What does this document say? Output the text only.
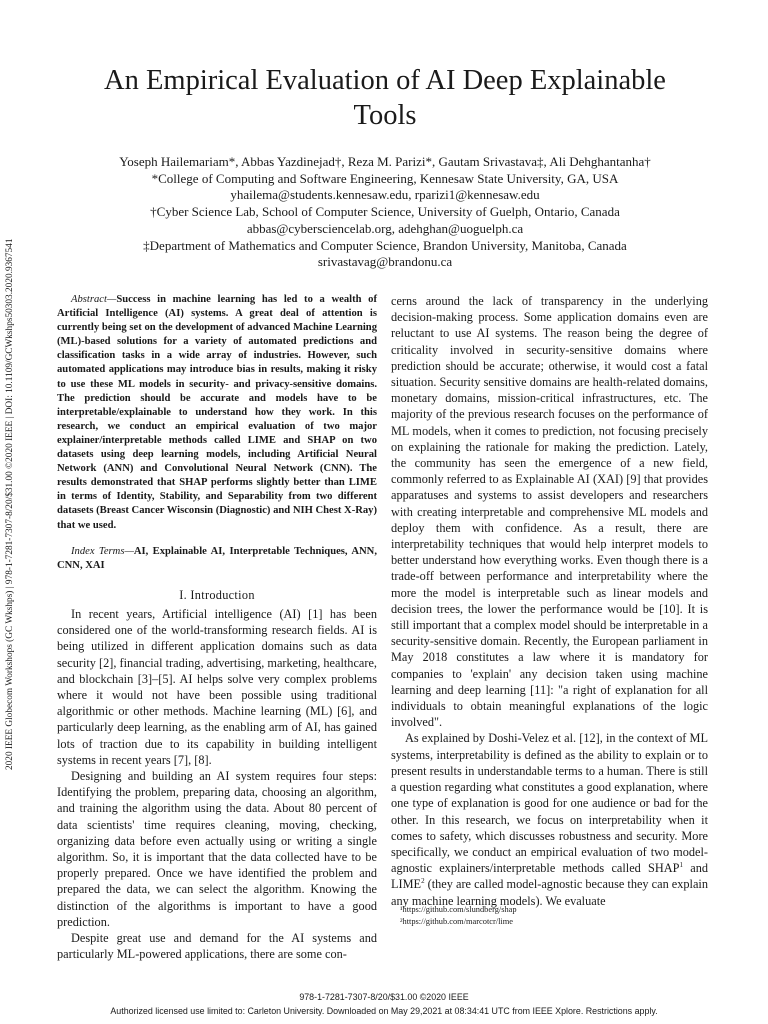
2020 IEEE Globecom Workshops (GC Wkshps) | 978-1-7281-7307-8/20/$31.00 ©2020 IEEE | DOI: 10.1109/GCWkshps50303.2020.9367541
An Empirical Evaluation of AI Deep Explainable
Tools
Yoseph Hailemariam*, Abbas Yazdinejad†, Reza M. Parizi*, Gautam Srivastava‡, Ali Dehghantanha†
*College of Computing and Software Engineering, Kennesaw State University, GA, USA
yhailema@students.kennesaw.edu, rparizi1@kennesaw.edu
†Cyber Science Lab, School of Computer Science, University of Guelph, Ontario, Canada
abbas@cybersciencelab.org, adehghan@uoguelph.ca
‡Department of Mathematics and Computer Science, Brandon University, Manitoba, Canada
srivastavag@brandonu.ca

Abstract—Success in machine learning has led to a wealth of Artificial Intelligence (AI) systems. A great deal of attention is currently being set on the development of advanced Machine Learning (ML)-based solutions for a variety of automated predictions and classification tasks in a wide array of industries. However, such automated applications may introduce bias in results, making it risky to use these ML models in security- and privacy-sensitive domains. The prediction should be accurate and models have to be interpretable/explainable to understand how they work. In this research, we conduct an empirical evaluation of two major explainer/interpretable methods called LIME and SHAP on two datasets using deep learning models, including Artificial Neural Network (ANN) and Convolutional Neural Network (CNN). The results demonstrated that SHAP performs slightly better than LIME in terms of Identity, Stability, and Separability from two different datasets (Breast Cancer Wisconsin (Diagnostic) and NIH Chest X-Ray) that we used.

Index Terms—AI, Explainable AI, Interpretable Techniques, ANN, CNN, XAI

I. Introduction

In recent years, Artificial intelligence (AI) [1] has been considered one of the world-transforming research fields. AI is being utilized in different application domains such as data security [2], financial trading, advertising, marketing, healthcare, and blockchain [3]–[5]. AI helps solve very complex problems where it would not have been possible using traditional algorithmic or other methods. Machine learning (ML) [6], and particularly deep learning, as the enabling arm of AI, has gained lots of traction due to its capability in building intelligent systems in recent years [7], [8].

Designing and building an AI system requires four steps: Identifying the problem, preparing data, choosing an algorithm, and training the algorithm using the data. About 80 percent of data scientists' time requires cleaning, moving, checking, organizing data before even actually using or writing a single algorithm. So, it is important that the data collected have to be properly prepared. Once we have identified the problem and prepared the data, we can select the algorithm. Knowing the distinction of the algorithms is important to have a good prediction.

Despite great use and demand for the AI systems and particularly ML-powered applications, there are some con-

cerns around the lack of transparency in the underlying decision-making process. Some application domains even are reluctant to use AI systems. The reason being the degree of criticality involved in security-sensitive domains where prediction should be accurate; otherwise, it would cost a fatal situation. Security sensitive domains are health-related domains, monetary domains, mission-critical infrastructures, etc. The majority of the previous research focuses on the performance of ML models, when it comes to prediction, not focusing precisely on explaining the rationale for making the prediction. Lately, the community has seen the emergence of a new field, commonly referred to as Explainable AI (XAI) [9] that provides apparatuses and systems to assist developers and researchers with creating interpretable and comprehensive ML models and deploy them with confidence. As a result, there are interpretability techniques that would help interpret models to better understand how everything works. Even though there is a trade-off between performance and interpretability where the more the model is interpretable such as linear models and decision trees, the lower the performance would be [10]. It is still important that a complex model should be interpretable in a security-sensitive domain. Recently, the European parliament in May 2018 constitutes a law where it is mandatory for companies to 'explain' any decision taken using machine learning and deep learning [11]: "a right of explanation for all individuals to obtain meaningful explanations of the logic involved".

As explained by Doshi-Velez et al. [12], in the context of ML systems, interpretability is defined as the ability to explain or to present results in understandable terms to a human. There is still a question regarding what constitutes a good explanation, where one type of explanation is good for one audience or bad for the other. In this research, we focus on interpretability when it comes to safety, which discusses robustness and security. More specifically, we conduct an empirical evaluation of two model-agnostic explainers/interpretable methods called SHAP$^1$ and LIME$^2$ (they are called model-agnostic because they can explain any machine learning models). We evaluate

¹https://github.com/slundberg/shap
²https://github.com/marcotcr/lime
978-1-7281-7307-8/20/$31.00 ©2020 IEEE
Authorized licensed use limited to: Carleton University. Downloaded on May 29,2021 at 08:34:41 UTC from IEEE Xplore. Restrictions apply.
